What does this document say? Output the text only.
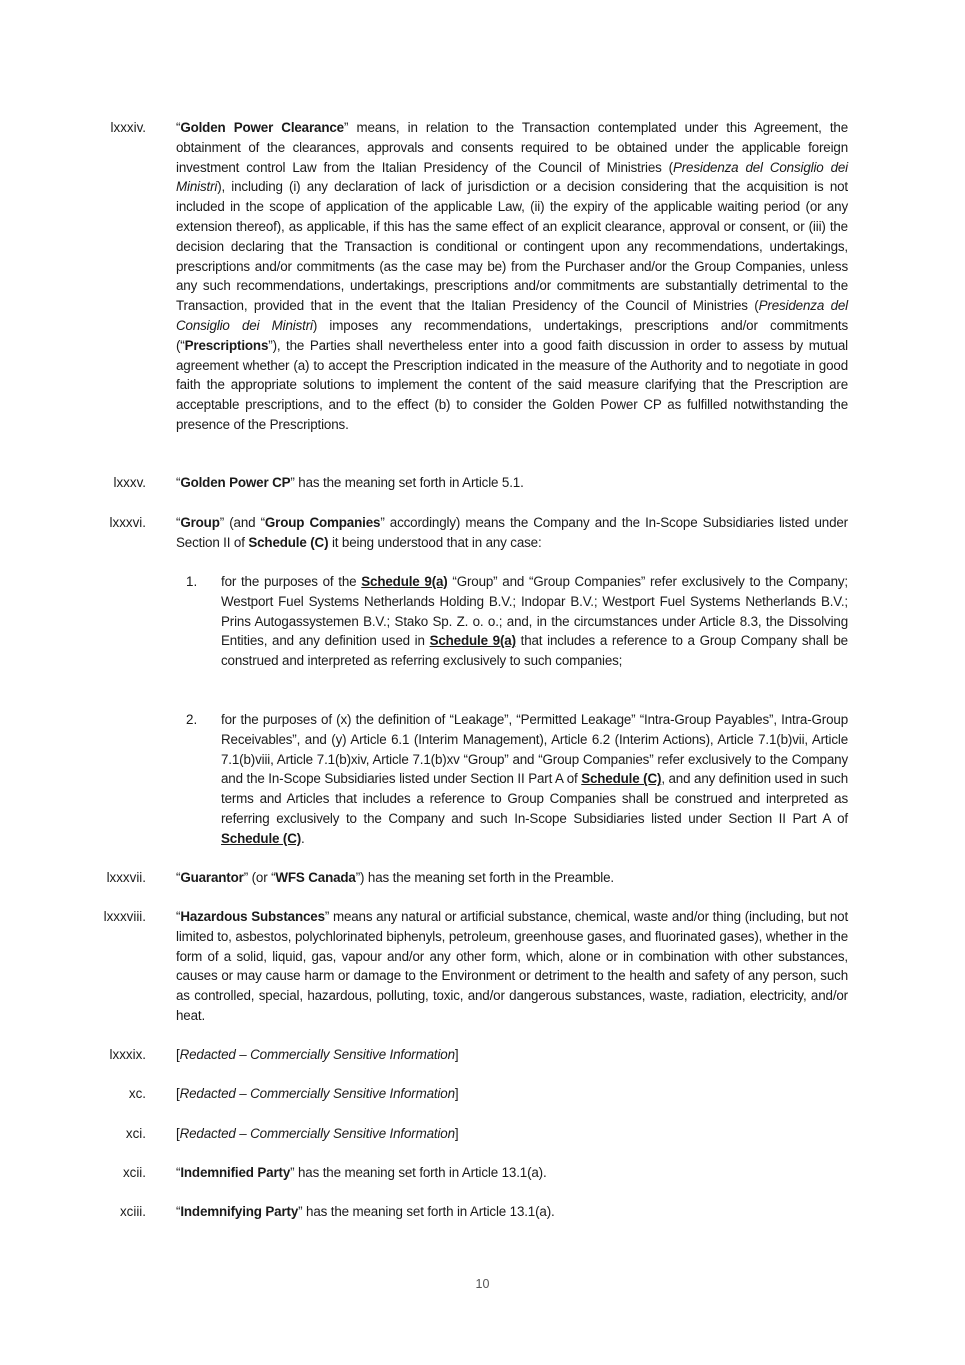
lxxxiv. “Golden Power Clearance” means, in relation to the Transaction contemplated under this Agreement, the obtainment of the clearances, approvals and consents required to be obtained under the applicable foreign investment control Law from the Italian Presidency of the Council of Ministries (Presidenza del Consiglio dei Ministri), including (i) any declaration of lack of jurisdiction or a decision considering that the acquisition is not included in the scope of application of the applicable Law, (ii) the expiry of the applicable waiting period (or any extension thereof), as applicable, if this has the same effect of an explicit clearance, approval or consent, or (iii) the decision declaring that the Transaction is conditional or contingent upon any recommendations, undertakings, prescriptions and/or commitments (as the case may be) from the Purchaser and/or the Group Companies, unless any such recommendations, undertakings, prescriptions and/or commitments are substantially detrimental to the Transaction, provided that in the event that the Italian Presidency of the Council of Ministries (Presidenza del Consiglio dei Ministri) imposes any recommendations, undertakings, prescriptions and/or commitments (“Prescriptions”), the Parties shall nevertheless enter into a good faith discussion in order to assess by mutual agreement whether (a) to accept the Prescription indicated in the measure of the Authority and to negotiate in good faith the appropriate solutions to implement the content of the said measure clarifying that the Prescription are acceptable prescriptions, and to the effect (b) to consider the Golden Power CP as fulfilled notwithstanding the presence of the Prescriptions.
lxxxv. “Golden Power CP” has the meaning set forth in Article 5.1.
lxxxvi. “Group” (and “Group Companies” accordingly) means the Company and the In-Scope Subsidiaries listed under Section II of Schedule (C) it being understood that in any case:
1.	for the purposes of the Schedule 9(a) “Group” and “Group Companies” refer exclusively to the Company; Westport Fuel Systems Netherlands Holding B.V.; Indopar B.V.; Westport Fuel Systems Netherlands B.V.; Prins Autogassystemen B.V.; Stako Sp. Z. o. o.; and, in the circumstances under Article 8.3, the Dissolving Entities, and any definition used in Schedule 9(a) that includes a reference to a Group Company shall be construed and interpreted as referring exclusively to such companies;
2.	for the purposes of (x) the definition of “Leakage”, “Permitted Leakage” “Intra-Group Payables”, Intra-Group Receivables”, and (y) Article 6.1 (Interim Management), Article 6.2 (Interim Actions), Article 7.1(b)vii, Article 7.1(b)viii, Article 7.1(b)xiv, Article 7.1(b)xv “Group” and “Group Companies” refer exclusively to the Company and the In-Scope Subsidiaries listed under Section II Part A of Schedule (C), and any definition used in such terms and Articles that includes a reference to Group Companies shall be construed and interpreted as referring exclusively to the Company and such In-Scope Subsidiaries listed under Section II Part A of Schedule (C).
lxxxvii. “Guarantor” (or “WFS Canada”) has the meaning set forth in the Preamble.
lxxxviii. “Hazardous Substances” means any natural or artificial substance, chemical, waste and/or thing (including, but not limited to, asbestos, polychlorinated biphenyls, petroleum, greenhouse gases, and fluorinated gases), whether in the form of a solid, liquid, gas, vapour and/or any other form, which, alone or in combination with other substances, causes or may cause harm or damage to the Environment or detriment to the health and safety of any person, such as controlled, special, hazardous, polluting, toxic, and/or dangerous substances, waste, radiation, electricity, and/or heat.
lxxxix. [Redacted – Commercially Sensitive Information]
xc. [Redacted – Commercially Sensitive Information]
xci. [Redacted – Commercially Sensitive Information]
xcii. “Indemnified Party” has the meaning set forth in Article 13.1(a).
xciii. “Indemnifying Party” has the meaning set forth in Article 13.1(a).
10
